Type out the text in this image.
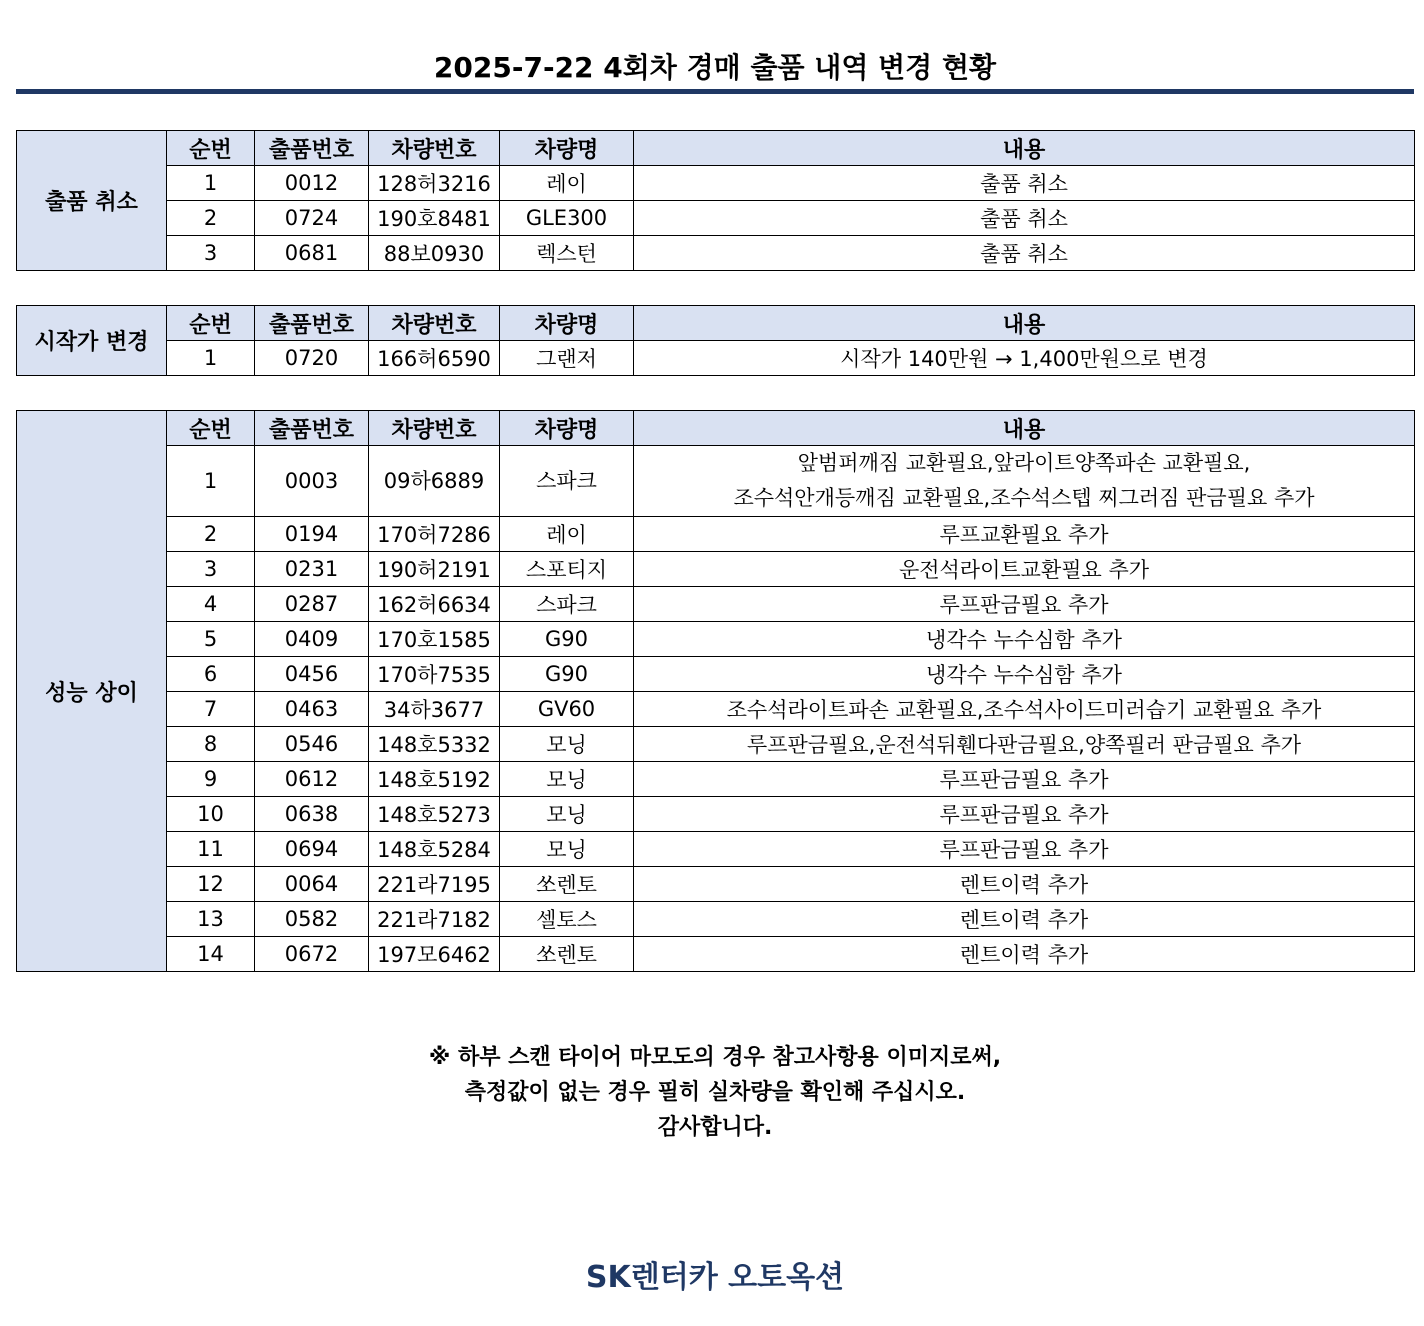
2025-7-22 4회차 경매 출품 내역 변경 현황
출품 취소	순번	출품번호	차량번호	차량명	내용
	1	0012	128허3216	레이	출품 취소
	2	0724	190호8481	GLE300	출품 취소
	3	0681	88보0930	렉스턴	출품 취소
시작가 변경	순번	출품번호	차량번호	차량명	내용
	1	0720	166허6590	그랜저	시작가 140만원 → 1,400만원으로 변경
성능 상이	순번	출품번호	차량번호	차량명	내용
	1	0003	09하6889	스파크	앞범퍼깨짐 교환필요,앞라이트양쪽파손 교환필요,
조수석안개등깨짐 교환필요,조수석스텝 찌그러짐 판금필요 추가

	2	0194	170허7286	레이	루프교환필요 추가
	3	0231	190허2191	스포티지	운전석라이트교환필요 추가
	4	0287	162허6634	스파크	루프판금필요 추가
	5	0409	170호1585	G90	냉각수 누수심함 추가
	6	0456	170하7535	G90	냉각수 누수심함 추가
	7	0463	34하3677	GV60	조수석라이트파손 교환필요,조수석사이드미러습기 교환필요 추가
	8	0546	148호5332	모닝	루프판금필요,운전석뒤휀다판금필요,양쪽필러 판금필요 추가
	9	0612	148호5192	모닝	루프판금필요 추가
	10	0638	148호5273	모닝	루프판금필요 추가
	11	0694	148호5284	모닝	루프판금필요 추가
	12	0064	221라7195	쏘렌토	렌트이력 추가
	13	0582	221라7182	셀토스	렌트이력 추가
	14	0672	197모6462	쏘렌토	렌트이력 추가
※ 하부 스캔 타이어 마모도의 경우 참고사항용 이미지로써,
측정값이 없는 경우 필히 실차량을 확인해 주십시오.
감사합니다.
SK렌터카 오토옥션
